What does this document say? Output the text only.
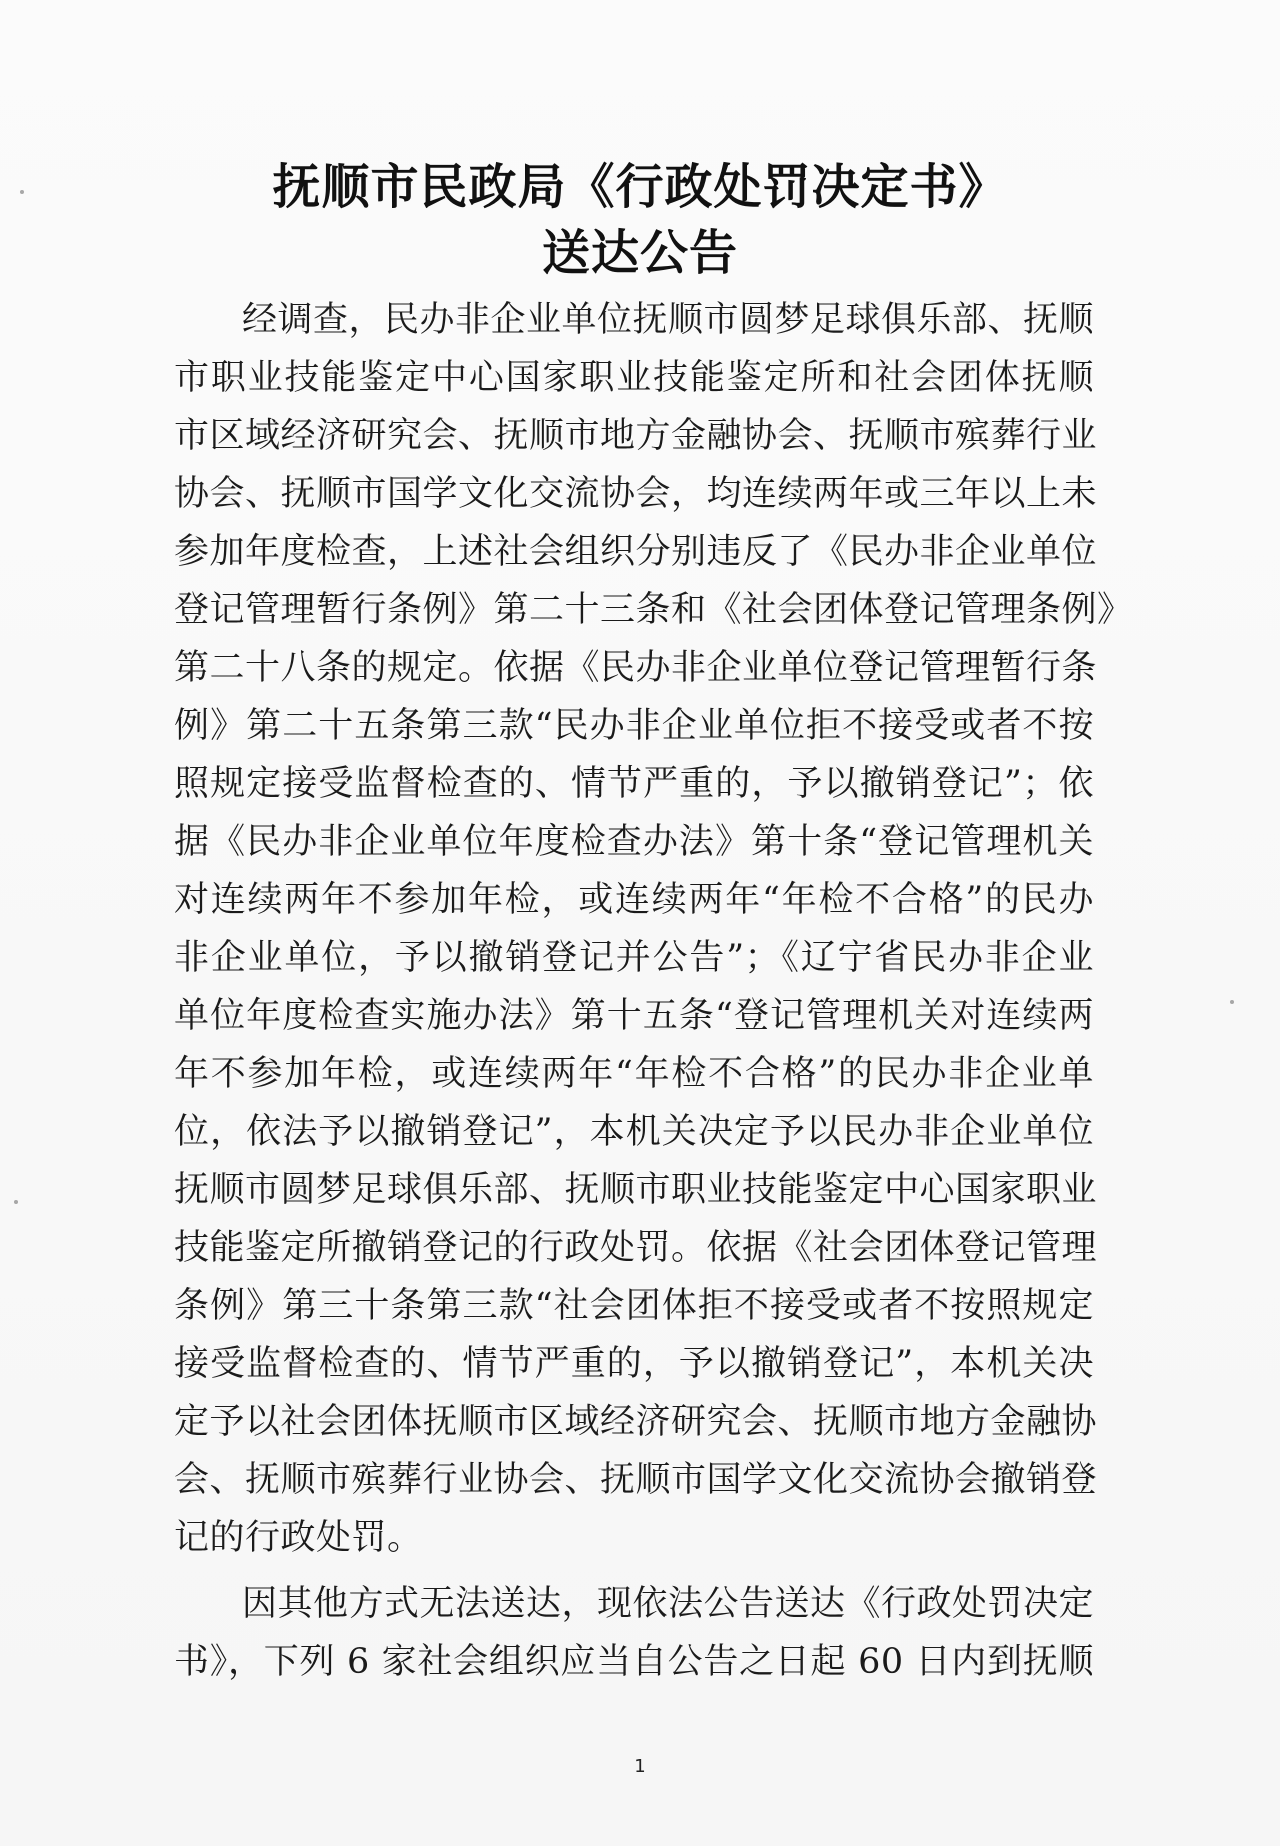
抚顺市民政局《行政处罚决定书》
送达公告
经调查，民办非企业单位抚顺市圆梦足球俱乐部、抚顺
市职业技能鉴定中心国家职业技能鉴定所和社会团体抚顺
市区域经济研究会、抚顺市地方金融协会、抚顺市殡葬行业
协会、抚顺市国学文化交流协会，均连续两年或三年以上未
参加年度检查，上述社会组织分别违反了《民办非企业单位
登记管理暂行条例》第二十三条和《社会团体登记管理条例》
第二十八条的规定。依据《民办非企业单位登记管理暂行条
例》第二十五条第三款“民办非企业单位拒不接受或者不按
照规定接受监督检查的、情节严重的，予以撤销登记”；依
据《民办非企业单位年度检查办法》第十条“登记管理机关
对连续两年不参加年检，或连续两年“年检不合格”的民办
非企业单位，予以撤销登记并公告”；《辽宁省民办非企业
单位年度检查实施办法》第十五条“登记管理机关对连续两
年不参加年检，或连续两年“年检不合格”的民办非企业单
位，依法予以撤销登记”，本机关决定予以民办非企业单位
抚顺市圆梦足球俱乐部、抚顺市职业技能鉴定中心国家职业
技能鉴定所撤销登记的行政处罚。依据《社会团体登记管理
条例》第三十条第三款“社会团体拒不接受或者不按照规定
接受监督检查的、情节严重的，予以撤销登记”，本机关决
定予以社会团体抚顺市区域经济研究会、抚顺市地方金融协
会、抚顺市殡葬行业协会、抚顺市国学文化交流协会撤销登
记的行政处罚。
因其他方式无法送达，现依法公告送达《行政处罚决定
书》，下列 6 家社会组织应当自公告之日起 60 日内到抚顺
1
